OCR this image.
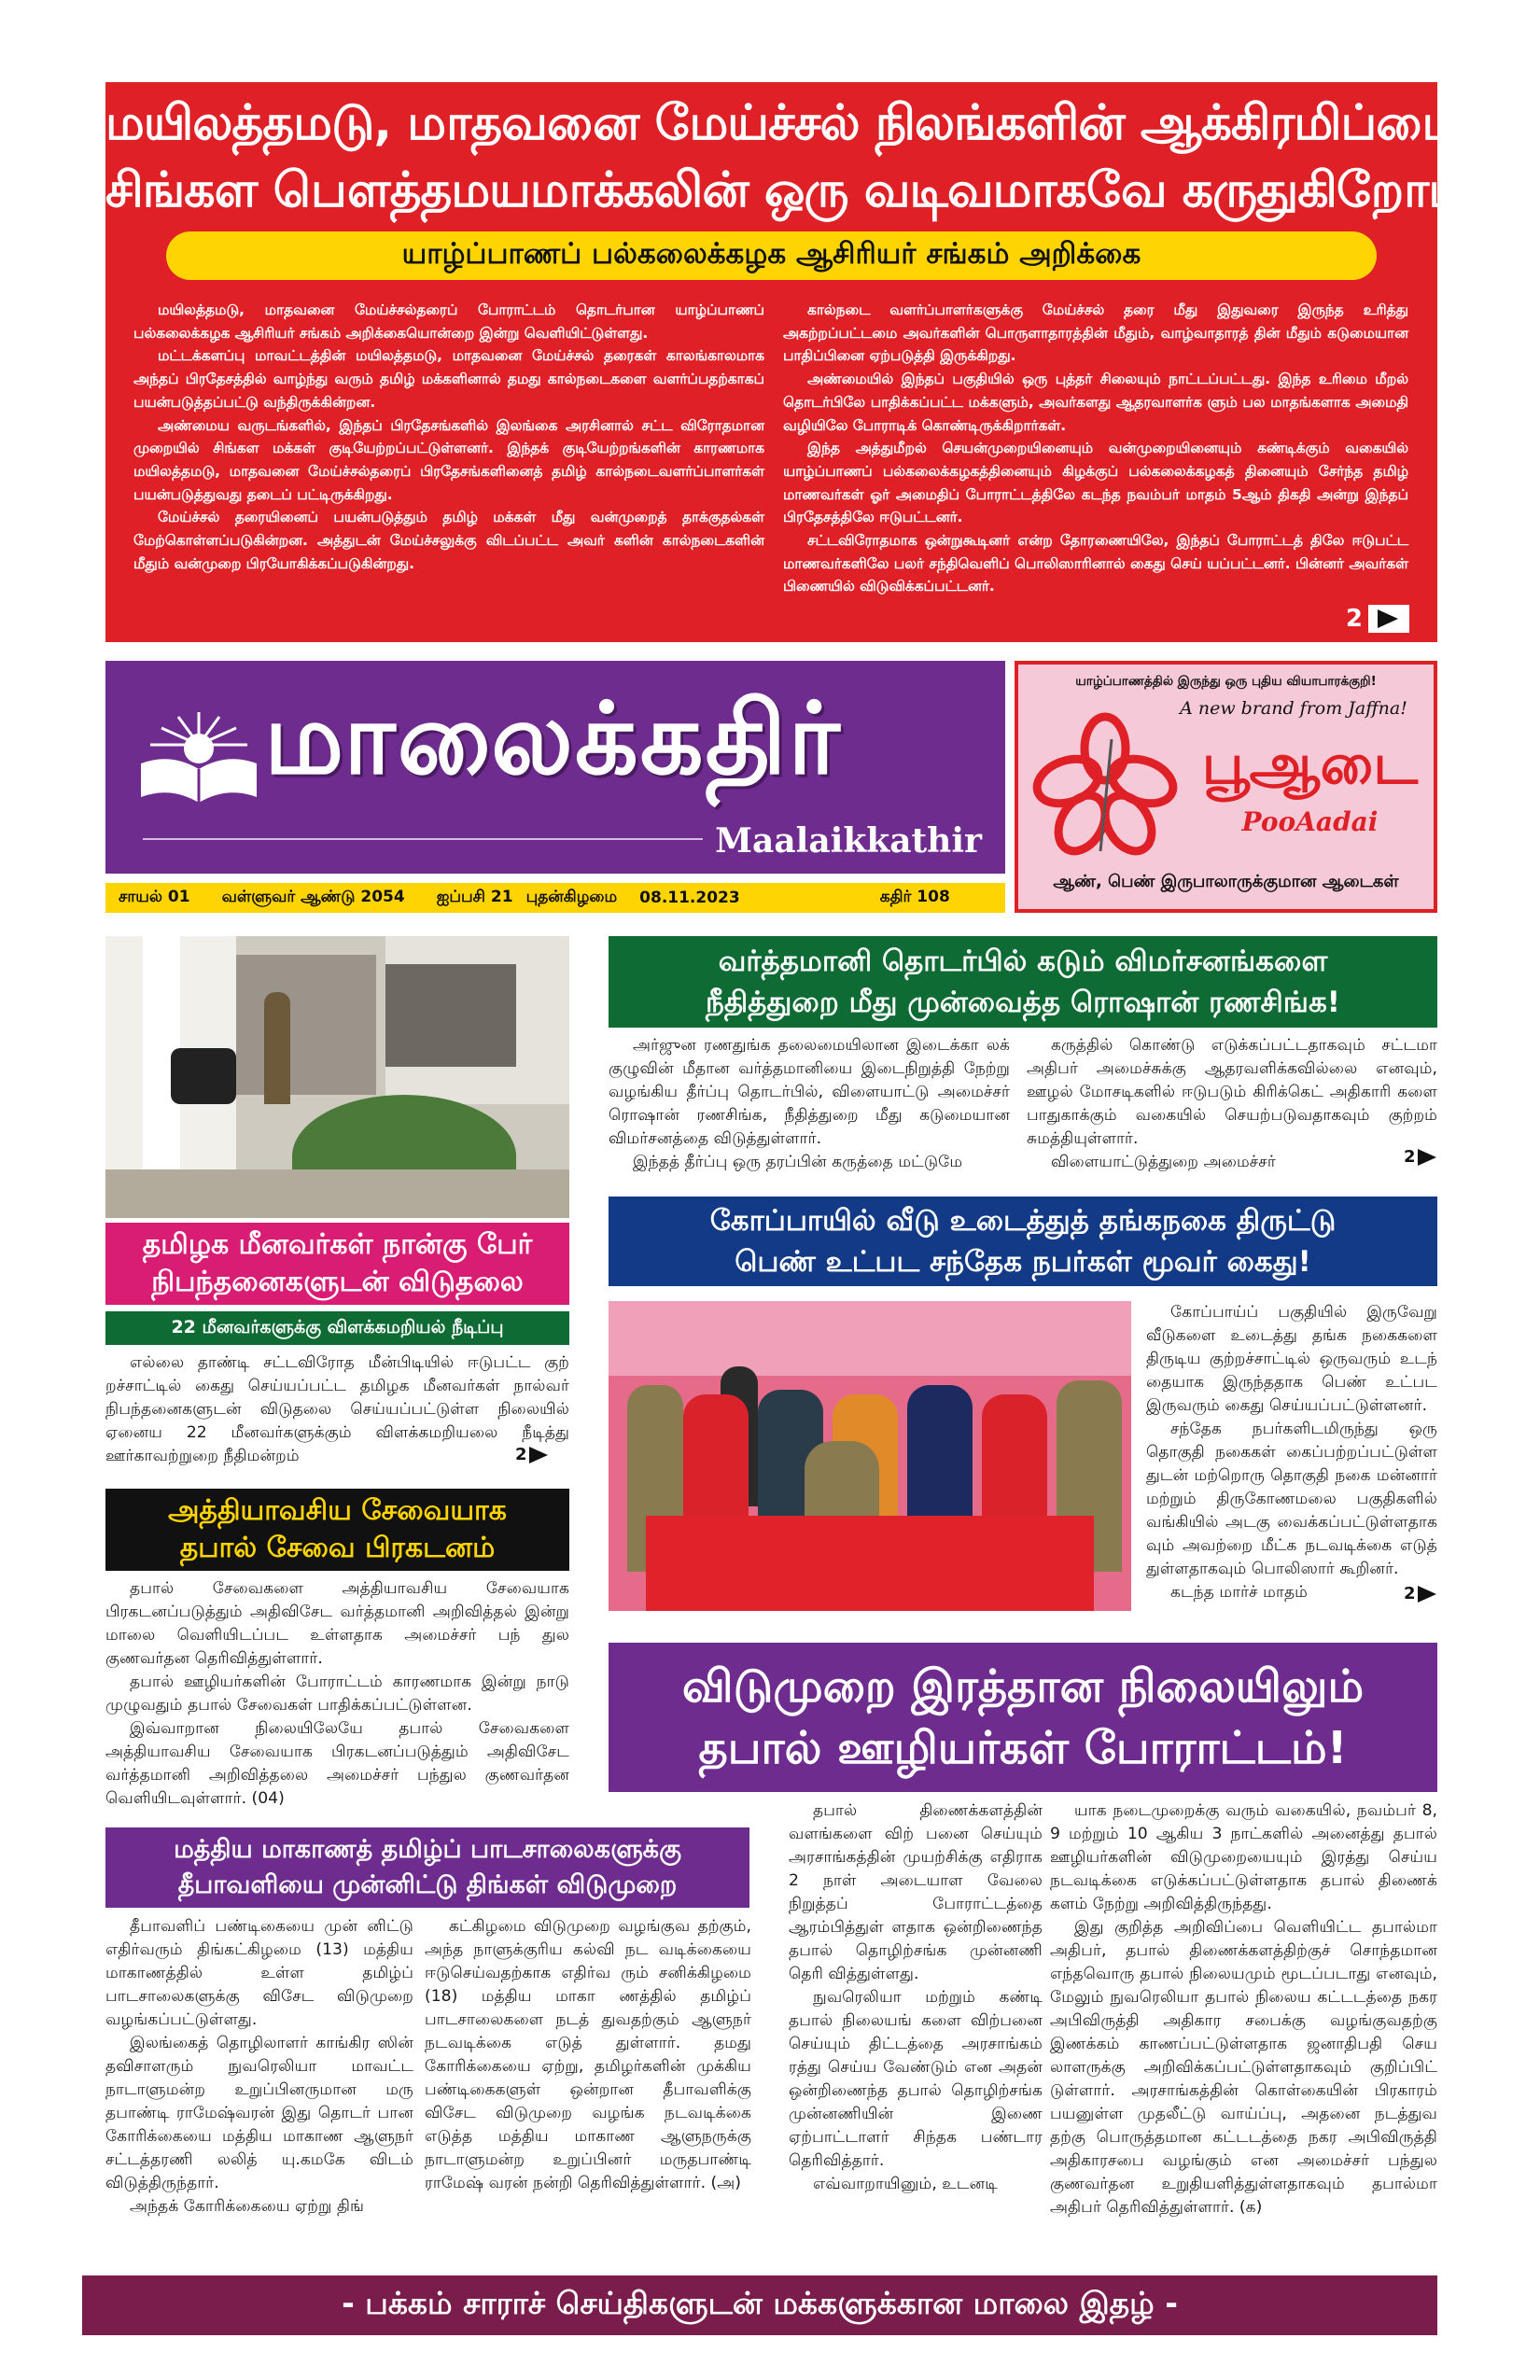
மயிலத்தமடு, மாதவனை மேய்ச்சல் நிலங்களின் ஆக்கிரமிப்பை
சிங்கள பௌத்தமயமாக்கலின் ஒரு வடிவமாகவே கருதுகிறோம்!
யாழ்ப்பாணப் பல்கலைக்கழக ஆசிரியர் சங்கம் அறிக்கை

மயிலத்தமடு, மாதவனை மேய்ச்சல்தரைப் போராட்டம் தொடர்பான யாழ்ப்பாணப் பல்கலைக்கழக ஆசிரியர் சங்கம் அறிக்கையொன்றை இன்று வெளியிட்டுள்ளது.

மட்டக்களப்பு மாவட்டத்தின் மயிலத்தமடு, மாதவனை மேய்ச்சல் தரைகள் காலங்காலமாக அந்தப் பிரதேசத்தில் வாழ்ந்து வரும் தமிழ் மக்களினால் தமது கால்நடைகளை வளர்ப்பதற்காகப் பயன்படுத்தப்பட்டு வந்திருக்கின்றன.

அண்மைய வருடங்களில், இந்தப் பிரதேசங்களில் இலங்கை அரசினால் சட்ட விரோதமான முறையில் சிங்கள மக்கள் குடியேற்றப்பட்டுள்ளனர். இந்தக் குடியேற்றங்களின் காரணமாக மயிலத்தமடு, மாதவனை மேய்ச்சல்தரைப் பிரதேசங்களினைத் தமிழ் கால்நடைவளர்ப்பாளர்கள் பயன்படுத்துவது தடைப் பட்டிருக்கிறது.

மேய்ச்சல் தரையினைப் பயன்படுத்தும் தமிழ் மக்கள் மீது வன்முறைத் தாக்குதல்கள் மேற்கொள்ளப்படுகின்றன. அத்துடன் மேய்ச்சலுக்கு விடப்பட்ட அவர் களின் கால்நடைகளின் மீதும் வன்முறை பிரயோகிக்கப்படுகின்றது.

கால்நடை வளர்ப்பாளர்களுக்கு மேய்ச்சல் தரை மீது இதுவரை இருந்த உரித்து அகற்றப்பட்டமை அவர்களின் பொருளாதாரத்தின் மீதும், வாழ்வாதாரத் தின் மீதும் கடுமையான பாதிப்பினை ஏற்படுத்தி இருக்கிறது.

அண்மையில் இந்தப் பகுதியில் ஒரு புத்தர் சிலையும் நாட்டப்பட்டது. இந்த உரிமை மீறல் தொடர்பிலே பாதிக்கப்பட்ட மக்களும், அவர்களது ஆதரவாளர்க ளும் பல மாதங்களாக அமைதி வழியிலே போராடிக் கொண்டிருக்கிறார்கள்.

இந்த அத்துமீறல் செயன்முறையினையும் வன்முறையினையும் கண்டிக்கும் வகையில் யாழ்ப்பாணப் பல்கலைக்கழகத்தினையும் கிழக்குப் பல்கலைக்கழகத் தினையும் சேர்ந்த தமிழ் மாணவர்கள் ஓர் அமைதிப் போராட்டத்திலே கடந்த நவம்பர் மாதம் 5ஆம் திகதி அன்று இந்தப் பிரதேசத்திலே ஈடுபட்டனர்.

சட்டவிரோதமாக ஒன்றுகூடினர் என்ற தோரணையிலே, இந்தப் போராட்டத் திலே ஈடுபட்ட மாணவர்களிலே பலர் சந்திவெளிப் பொலிஸாரினால் கைது செய் யப்பட்டனர். பின்னர் அவர்கள் பிணையில் விடுவிக்கப்பட்டனர்.

2
மாலைக்கதிர்
Maalaikkathir
சாயல் 01 வள்ளுவர் ஆண்டு 2054 ஐப்பசி 21 புதன்கிழமை 08.11.2023	கதிர் 108
யாழ்ப்பாணத்தில் இருந்து ஒரு புதிய வியாபாரக்குறி!
A new brand from Jaffna!
பூஆடை
PooAadai
ஆண், பெண் இருபாலாருக்குமான ஆடைகள்
தமிழக மீனவர்கள் நான்கு பேர்
நிபந்தனைகளுடன் விடுதலை
22 மீனவர்களுக்கு விளக்கமறியல் நீடிப்பு

எல்லை தாண்டி சட்டவிரோத மீன்பிடியில் ஈடுபட்ட குற் றச்சாட்டில் கைது செய்யப்பட்ட தமிழக மீனவர்கள் நால்வர் நிபந்தனைகளுடன் விடுதலை செய்யப்பட்டுள்ள நிலையில் ஏனைய 22 மீனவர்களுக்கும் விளக்கமறியலை நீடித்து ஊர்காவற்றுறை நீதிமன்றம்	2
அத்தியாவசிய சேவையாக
தபால் சேவை பிரகடனம்

தபால் சேவைகளை அத்தியாவசிய சேவையாக பிரகடனப்படுத்தும் அதிவிசேட வர்த்தமானி அறிவித்தல் இன்று மாலை வெளியிடப்பட உள்ளதாக அமைச்சர் பந் துல குணவர்தன தெரிவித்துள்ளார்.

தபால் ஊழியர்களின் போராட்டம் காரணமாக இன்று நாடு முழுவதும் தபால் சேவைகள் பாதிக்கப்பட்டுள்ளன.

இவ்வாறான நிலையிலேயே தபால் சேவைகளை அத்தியாவசிய சேவையாக பிரகடனப்படுத்தும் அதிவிசேட வர்த்தமானி அறிவித்தலை அமைச்சர் பந்துல குணவர்தன வெளியிடவுள்ளார். (04)

வர்த்தமானி தொடர்பில் கடும் விமர்சனங்களை
நீதித்துறை மீது முன்வைத்த ரொஷான் ரணசிங்க!

அர்ஜுன ரணதுங்க தலைமையிலான இடைக்கா லக் குழுவின் மீதான வர்த்தமானியை இடைநிறுத்தி நேற்று வழங்கிய தீர்ப்பு தொடர்பில், விளையாட்டு அமைச்சர் ரொஷான் ரணசிங்க, நீதித்துறை மீது கடுமையான விமர்சனத்தை விடுத்துள்ளார்.

இந்தத் தீர்ப்பு ஒரு தரப்பின் கருத்தை மட்டுமே

கருத்தில் கொண்டு எடுக்கப்பட்டதாகவும் சட்டமா அதிபர் அமைச்சுக்கு ஆதரவளிக்கவில்லை எனவும், ஊழல் மோசடிகளில் ஈடுபடும் கிரிக்கெட் அதிகாரி களை பாதுகாக்கும் வகையில் செயற்படுவதாகவும் குற்றம் சுமத்தியுள்ளார்.

விளையாட்டுத்துறை அமைச்சர்	2
கோப்பாயில் வீடு உடைத்துத் தங்கநகை திருட்டு
பெண் உட்பட சந்தேக நபர்கள் மூவர் கைது!

கோப்பாய்ப் பகுதியில் இருவேறு வீடுகளை உடைத்து தங்க நகைகளை திருடிய குற்றச்சாட்டில் ஒருவரும் உடந் தையாக இருந்ததாக பெண் உட்பட இருவரும் கைது செய்யப்பட்டுள்ளனர்.

சந்தேக நபர்களிடமிருந்து ஒரு தொகுதி நகைகள் கைப்பற்றப்பட்டுள்ள துடன் மற்றொரு தொகுதி நகை மன்னார் மற்றும் திருகோணமலை பகுதிகளில் வங்கியில் அடகு வைக்கப்பட்டுள்ளதாக வும் அவற்றை மீட்க நடவடிக்கை எடுத் துள்ளதாகவும் பொலிஸார் கூறினர்.

கடந்த மார்ச் மாதம்	2
விடுமுறை இரத்தான நிலையிலும்
தபால் ஊழியர்கள் போராட்டம்!

தபால் திணைக்களத்தின் வளங்களை விற் பனை செய்யும் அரசாங்கத்தின் முயற்சிக்கு எதிராக 2 நாள் அடையாள வேலை நிறுத்தப் போராட்டத்தை ஆரம்பித்துள் ளதாக ஒன்றிணைந்த தபால் தொழிற்சங்க முன்னணி தெரி வித்துள்ளது.

நுவரெலியா மற்றும் கண்டி தபால் நிலையங் களை விற்பனை செய்யும் திட்டத்தை அரசாங்கம் ரத்து செய்ய வேண்டும் என அதன் ஒன்றிணைந்த தபால் தொழிற்சங்க முன்னணியின் இணை ஏற்பாட்டாளர் சிந்தக பண்டார தெரிவித்தார்.

எவ்வாறாயினும், உடனடி

யாக நடைமுறைக்கு வரும் வகையில், நவம்பர் 8, 9 மற்றும் 10 ஆகிய 3 நாட்களில் அனைத்து தபால் ஊழியர்களின் விடுமுறையையும் இரத்து செய்ய நடவடிக்கை எடுக்கப்பட்டுள்ளதாக தபால் திணைக் களம் நேற்று அறிவித்திருந்தது.

இது குறித்த அறிவிப்பை வெளியிட்ட தபால்மா அதிபர், தபால் திணைக்களத்திற்குச் சொந்தமான எந்தவொரு தபால் நிலையமும் மூடப்படாது எனவும், மேலும் நுவரெலியா தபால் நிலைய கட்டடத்தை நகர அபிவிருத்தி அதிகார சபைக்கு வழங்குவதற்கு இணக்கம் காணப்பட்டுள்ளதாக ஜனாதிபதி செய லாளருக்கு அறிவிக்கப்பட்டுள்ளதாகவும் குறிப்பிட் டுள்ளார். அரசாங்கத்தின் கொள்கையின் பிரகாரம் பயனுள்ள முதலீட்டு வாய்ப்பு, அதனை நடத்துவ தற்கு பொருத்தமான கட்டடத்தை நகர அபிவிருத்தி அதிகாரசபை வழங்கும் என அமைச்சர் பந்துல குணவர்தன உறுதியளித்துள்ளதாகவும் தபால்மா அதிபர் தெரிவித்துள்ளார். (க)

மத்திய மாகாணத் தமிழ்ப் பாடசாலைகளுக்கு
தீபாவளியை முன்னிட்டு திங்கள் விடுமுறை

தீபாவளிப் பண்டிகையை முன் னிட்டு எதிர்வரும் திங்கட்கிழமை (13) மத்திய மாகாணத்தில் உள்ள தமிழ்ப் பாடசாலைகளுக்கு விசேட விடுமுறை வழங்கப்பட்டுள்ளது.

இலங்கைத் தொழிலாளர் காங்கிர ஸின் தவிசாளரும் நுவரெலியா மாவட்ட நாடாளுமன்ற உறுப்பினருமான மரு தபாண்டி ராமேஷ்வரன் இது தொடர் பான கோரிக்கையை மத்திய மாகாண ஆளுநர் சட்டத்தரணி லலித் யு.கமகே விடம் விடுத்திருந்தார்.

அந்தக் கோரிக்கையை ஏற்று திங்

கட்கிழமை விடுமுறை வழங்குவ தற்கும், அந்த நாளுக்குரிய கல்வி நட வடிக்கையை ஈடுசெய்வதற்காக எதிர்வ ரும் சனிக்கிழமை (18) மத்திய மாகா ணத்தில் தமிழ்ப் பாடசாலைகளை நடத் துவதற்கும் ஆளுநர் நடவடிக்கை எடுத் துள்ளார். தமது கோரிக்கையை ஏற்று, தமிழர்களின் முக்கிய பண்டிகைகளுள் ஒன்றான தீபாவளிக்கு விசேட விடுமுறை வழங்க நடவடிக்கை எடுத்த மத்திய மாகாண ஆளுநருக்கு நாடாளுமன்ற உறுப்பினர் மருதபாண்டி ராமேஷ் வரன் நன்றி தெரிவித்துள்ளார். (அ)

- பக்கம் சாராச் செய்திகளுடன் மக்களுக்கான மாலை இதழ் -
